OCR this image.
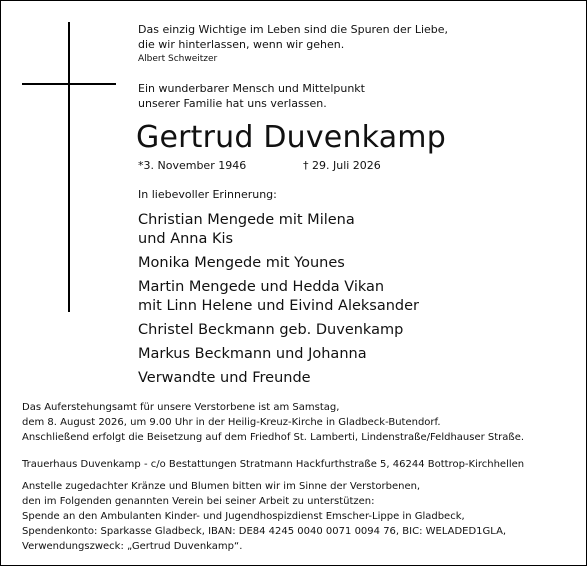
Das einzig Wichtige im Leben sind die Spuren der Liebe,
die wir hinterlassen, wenn wir gehen.
Albert Schweitzer
Ein wunderbarer Mensch und Mittelpunkt
unserer Familie hat uns verlassen.
Gertrud Duvenkamp
*3. November 1946	† 29. Juli 2026
In liebevoller Erinnerung:
Christian Mengede mit Milena
und Anna Kis
Monika Mengede mit Younes
Martin Mengede und Hedda Vikan
mit Linn Helene und Eivind Aleksander
Christel Beckmann geb. Duvenkamp
Markus Beckmann und Johanna
Verwandte und Freunde
Das Auferstehungsamt für unsere Verstorbene ist am Samstag,
dem 8. August 2026, um 9.00 Uhr in der Heilig-Kreuz-Kirche in Gladbeck-Butendorf.
Anschließend erfolgt die Beisetzung auf dem Friedhof St. Lamberti, Lindenstraße/Feldhauser Straße.
Trauerhaus Duvenkamp - c/o Bestattungen Stratmann Hackfurthstraße 5, 46244 Bottrop-Kirchhellen
Anstelle zugedachter Kränze und Blumen bitten wir im Sinne der Verstorbenen,
den im Folgenden genannten Verein bei seiner Arbeit zu unterstützen:
Spende an den Ambulanten Kinder- und Jugendhospizdienst Emscher-Lippe in Gladbeck,
Spendenkonto: Sparkasse Gladbeck, IBAN: DE84 4245 0040 0071 0094 76, BIC: WELADED1GLA,
Verwendungszweck: „Gertrud Duvenkamp“.
